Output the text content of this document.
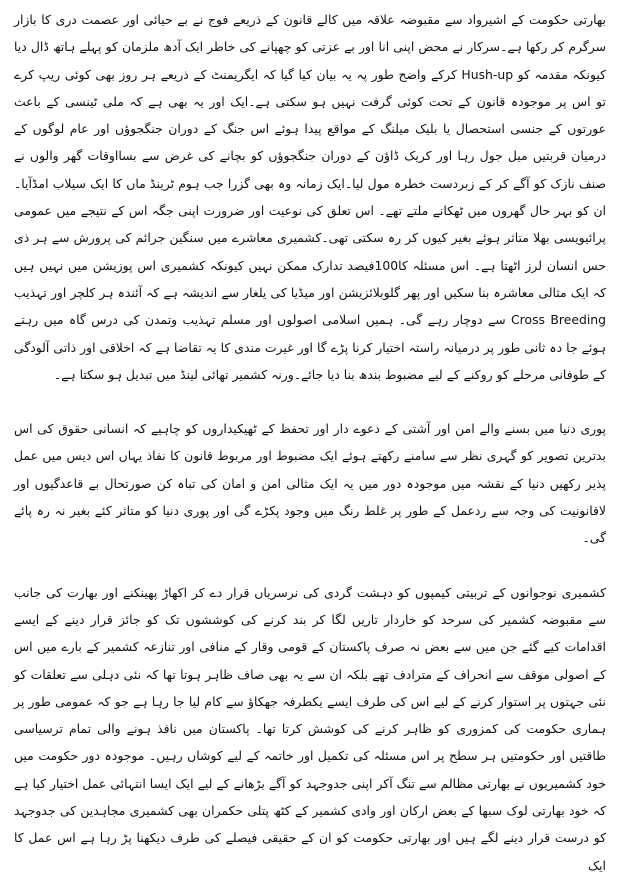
بھارتی حکومت کے اشیرواد سے مقبوضہ علاقہ میں کالے قانون کے ذریعے فوج نے بے حیائی اور عصمت دری کا بازار سرگرم کر رکھا ہے۔سرکار نے محض اپنی انا اور بے عزتی کو چھپانے کی خاطر ایک آدھ ملزمان کو پہلے ہاتھ ڈال دیا کیونکہ مقدمہ کو Hush-up کرکے واضح طور پہ یہ بیان کیا گیا کہ ایگریمنٹ کے ذریعے ہر روز بھی کوئی ریپ کرے تو اس پر موجودہ قانون کے تحت کوئی گرفت نہیں ہو سکتی ہے۔ایک اور یہ بھی ہے کہ ملی ٹینسی کے باعث عورتوں کے جنسی استحصال یا بلیک میلنگ کے مواقع پیدا ہوئے اس جنگ کے دوران جنگجوؤں اور عام لوگوں کے درمیان قربتیں میل جول رہا اور کریک ڈاؤن کے دوران جنگجوؤں کو بچانے کی غرض سے بسااوقات گھر والوں نے صنف نازک کو آگے کر کے زبردست خطرہ مول لیا۔ایک زمانہ وہ بھی گزرا جب ہوم ٹرینڈ ماں کا ایک سیلاب امڈآیا۔ان کو بہر حال گھروں میں ٹھکانے ملتے تھے۔ اس تعلق کی نوعیت اور ضرورت اپنی جگہ اس کے نتیجے میں عمومی پرائیویسی بھلا متاثر ہوئے بغیر کیوں کر رہ سکتی تھی۔کشمیری معاشرے میں سنگین جرائم کی پرورش سے ہر ذی حس انسان لرز اٹھتا ہے۔ اس مسئلہ کا100فیصد تدارک ممکن نہیں کیونکہ کشمیری اس پوزیشن میں نہیں ہیں کہ ایک مثالی معاشرہ بنا سکیں اور پھر گلوبلائزیشن اور میڈیا کی یلغار سے اندیشہ ہے کہ آئندہ ہر کلچر اور تہذیب Cross Breeding سے دوچار رہے گی۔ ہمیں اسلامی اصولوں اور مسلم تہذیب وتمدن کی درس گاہ میں رہتے ہوئے جا دہ ثانی طور پر درمیانہ راستہ اختیار کرنا پڑے گا اور غیرت مندی کا یہ تقاضا ہے کہ اخلاقی اور ذاتی آلودگی کے طوفانی مرحلے کو روکنے کے لیے مضبوط بندھ بنا دیا جائے۔ورنہ کشمیر تھائی لینڈ میں تبدیل ہو سکتا ہے۔

پوری دنیا میں بسنے والے امن اور آشتی کے دعوے دار اور تحفظ کے ٹھیکیداروں کو چاہیے کہ انسانی حقوق کی اس بدترین تصویر کو گہری نظر سے سامنے رکھتے ہوئے ایک مضبوط اور مربوط قانون کا نفاذ یہاں اس دیس میں عمل پذیر رکھیں دنیا کے نقشہ میں موجودہ دور میں یہ ایک مثالی امن و امان کی تباہ کن صورتحال بے قاعدگیوں اور لاقانونیت کی وجہ سے ردعمل کے طور پر غلط رنگ میں وجود پکڑے گی اور پوری دنیا کو متاثر کئے بغیر نہ رہ پائے گی۔

کشمیری نوجوانوں کے تربیتی کیمپوں کو دہشت گردی کی نرسریاں قرار دے کر اکھاڑ پھینکنے اور بھارت کی جانب سے مقبوضہ کشمیر کی سرحد کو خاردار تاریں لگا کر بند کرنے کی کوششوں تک کو جائز قرار دینے کے ایسے اقدامات کیے گئے جن میں سے بعض نہ صرف پاکستان کے قومی وقار کے منافی اور تنازعہ کشمیر کے بارے میں اس کے اصولی موقف سے انحراف کے مترادف تھے بلکہ ان سے یہ بھی صاف ظاہر ہوتا تھا کہ نئی دہلی سے تعلقات کو نئی جہتوں پر استوار کرنے کے لیے اس کی طرف ایسے یکطرفہ جھکاؤ سے کام لیا جا رہا ہے جو کہ عمومی طور پر ہماری حکومت کی کمزوری کو ظاہر کرنے کی کوشش کرتا تھا۔ پاکستان میں نافذ ہونے والی تمام ترسیاسی طاقتیں اور حکومتیں ہر سطح پر اس مسئلہ کی تکمیل اور خاتمہ کے لیے کوشاں رہیں۔ موجودہ دور حکومت میں خود کشمیریوں نے بھارتی مظالم سے تنگ آکر اپنی جدوجہد کو آگے بڑھانے کے لیے ایک ایسا انتہائی عمل اختیار کیا ہے کہ خود بھارتی لوک سبھا کے بعض ارکان اور وادی کشمیر کے کٹھ پتلی حکمران بھی کشمیری مجاہدین کی جدوجہد کو درست قرار دینے لگے ہیں اور بھارتی حکومت کو ان کے حقیقی فیصلے کی طرف دیکھنا پڑ رہا ہے اس عمل کا ایک
